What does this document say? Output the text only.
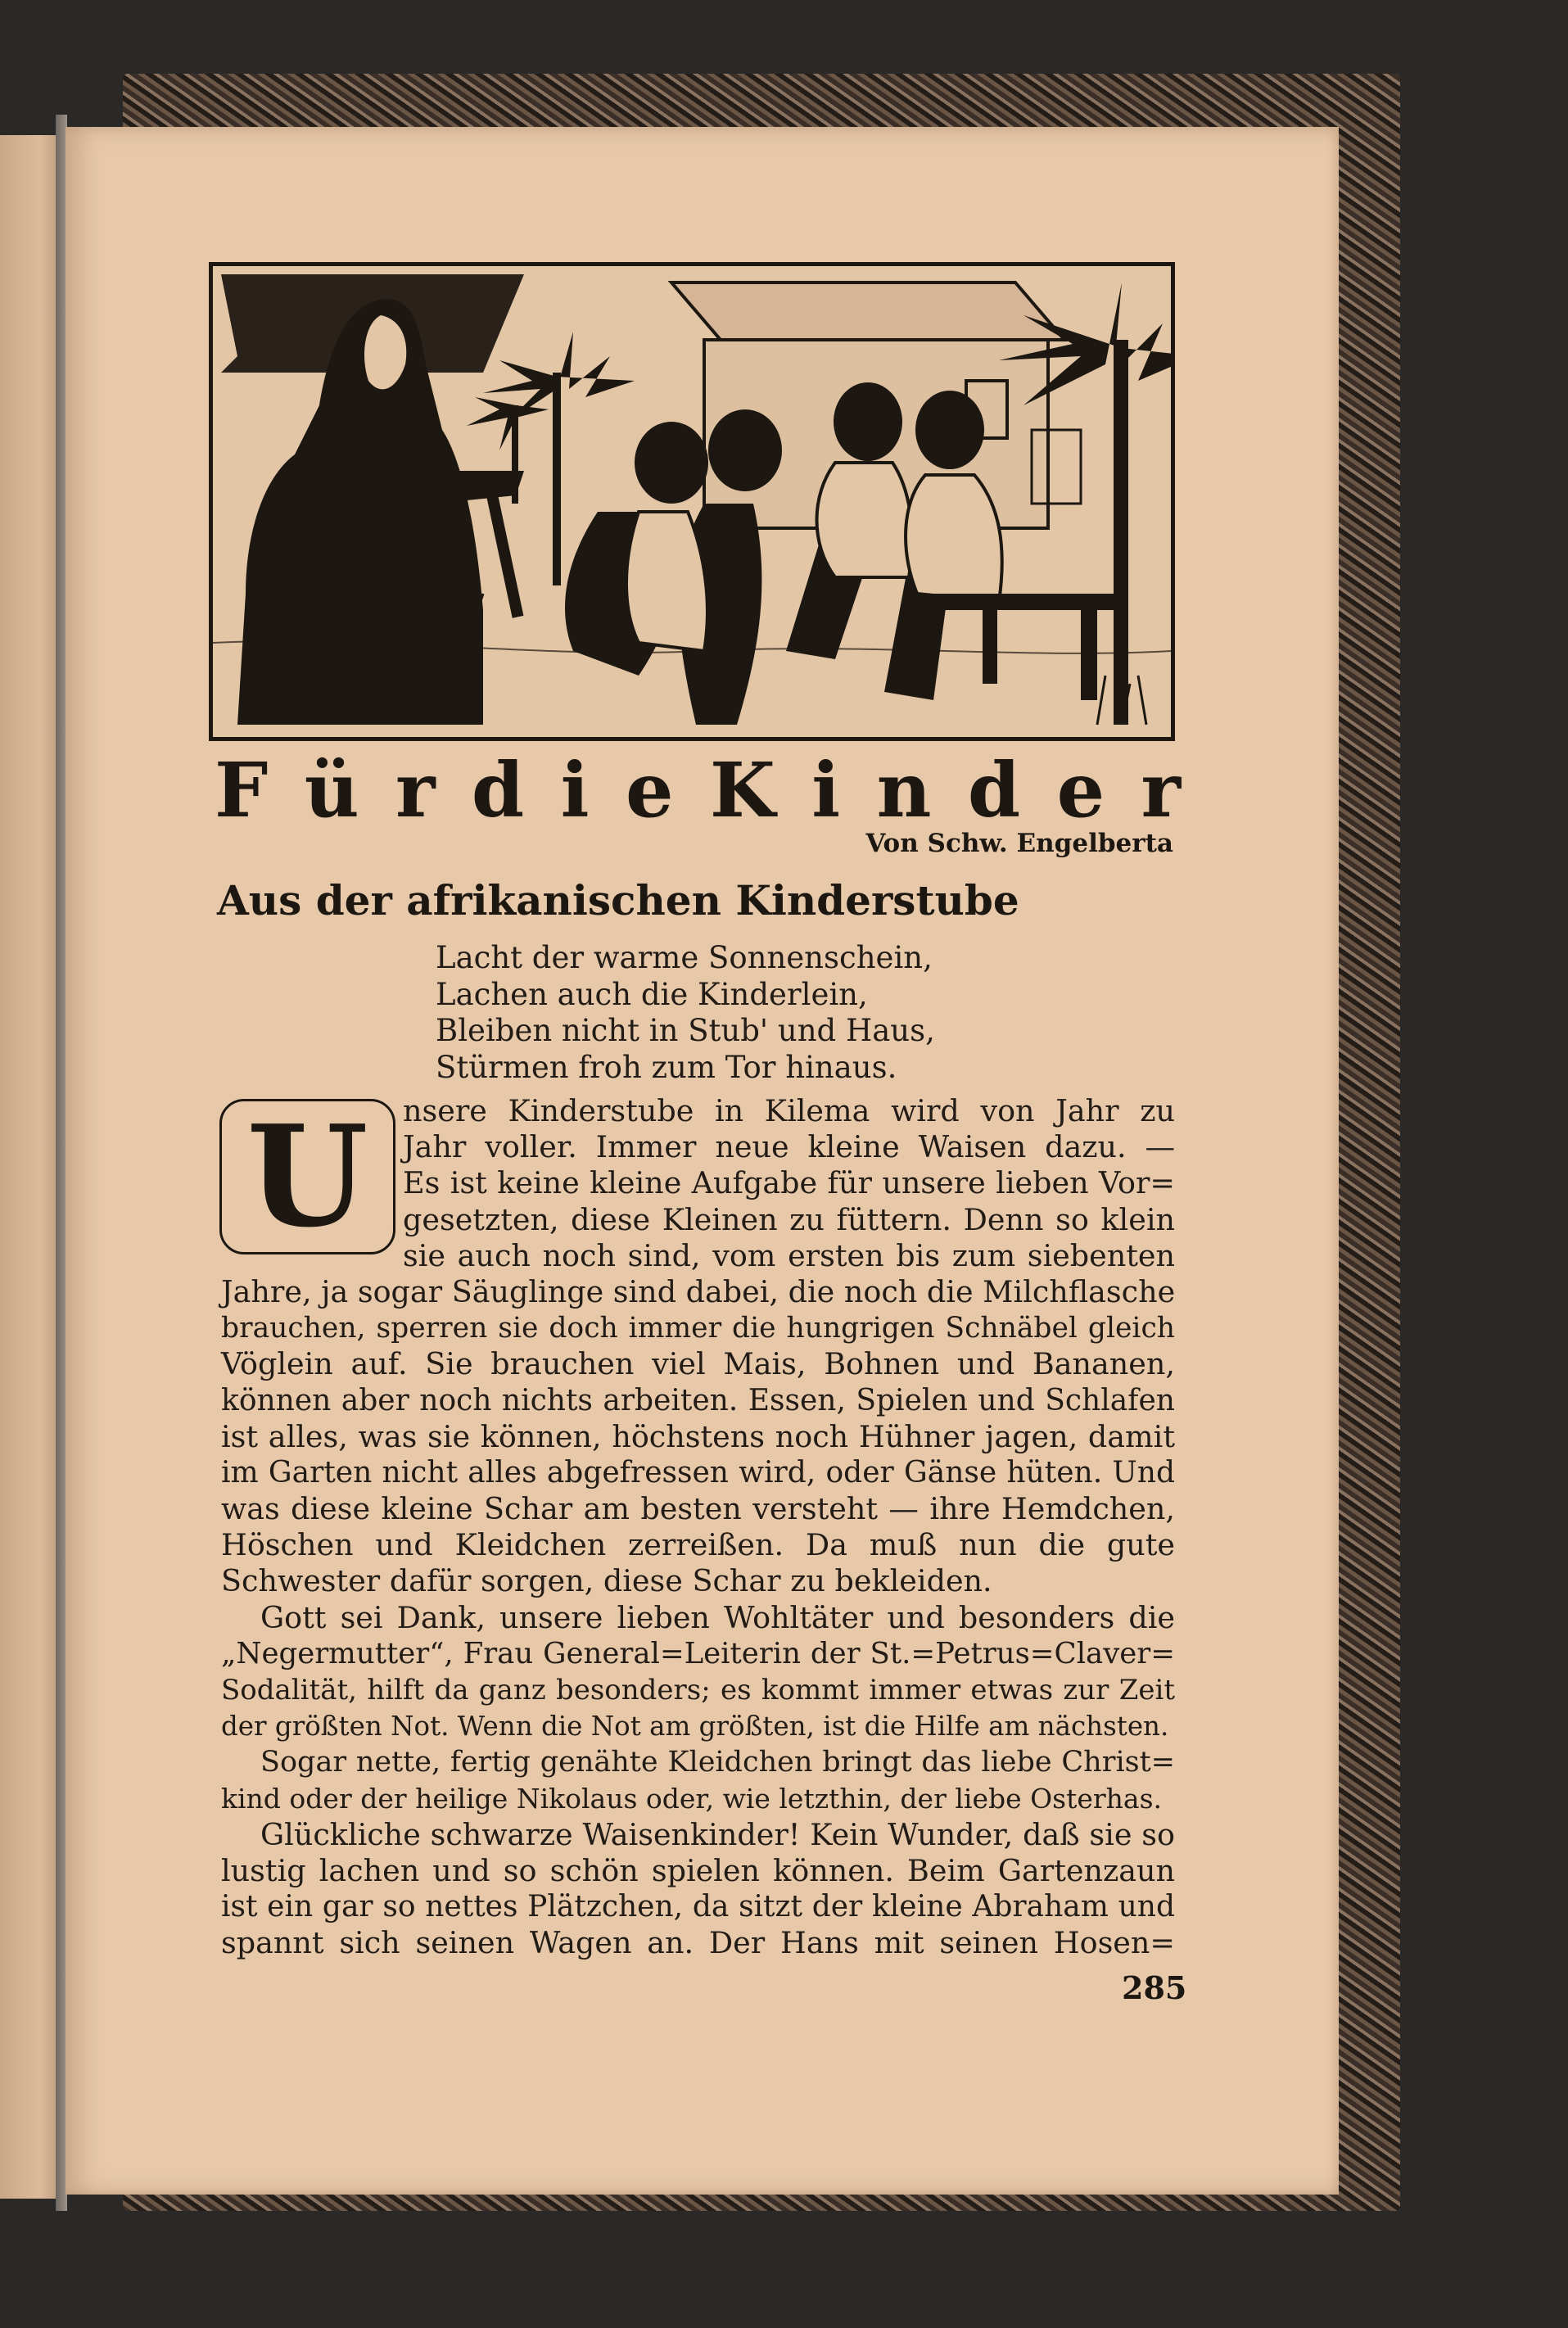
F ü r d i e K i n d e r
Von Schw. Engelberta
Aus der afrikanischen Kinderstube
Lacht der warme Sonnenschein,
Lachen auch die Kinderlein,
Bleiben nicht in Stub' und Haus,
Stürmen froh zum Tor hinaus.
U	nsere Kinderstube in Kilema wird von Jahr zu
Jahr voller. Immer neue kleine Waisen dazu. —
Es ist keine kleine Aufgabe für unsere lieben Vor=
gesetzten, diese Kleinen zu füttern. Denn so klein
sie auch noch sind, vom ersten bis zum siebenten
Jahre, ja sogar Säuglinge sind dabei, die noch die Milchflasche
brauchen, sperren sie doch immer die hungrigen Schnäbel gleich
Vöglein auf. Sie brauchen viel Mais, Bohnen und Bananen,
können aber noch nichts arbeiten. Essen, Spielen und Schlafen
ist alles, was sie können, höchstens noch Hühner jagen, damit
im Garten nicht alles abgefressen wird, oder Gänse hüten. Und
was diese kleine Schar am besten versteht — ihre Hemdchen,
Höschen und Kleidchen zerreißen. Da muß nun die gute
Schwester dafür sorgen, diese Schar zu bekleiden.
Gott sei Dank, unsere lieben Wohltäter und besonders die
„Negermutter“, Frau General=Leiterin der St.=Petrus=Claver=
Sodalität, hilft da ganz besonders; es kommt immer etwas zur Zeit
der größten Not. Wenn die Not am größten, ist die Hilfe am nächsten.
Sogar nette, fertig genähte Kleidchen bringt das liebe Christ=
kind oder der heilige Nikolaus oder, wie letzthin, der liebe Osterhas.
Glückliche schwarze Waisenkinder! Kein Wunder, daß sie so
lustig lachen und so schön spielen können. Beim Gartenzaun
ist ein gar so nettes Plätzchen, da sitzt der kleine Abraham und
spannt sich seinen Wagen an. Der Hans mit seinen Hosen=
285
